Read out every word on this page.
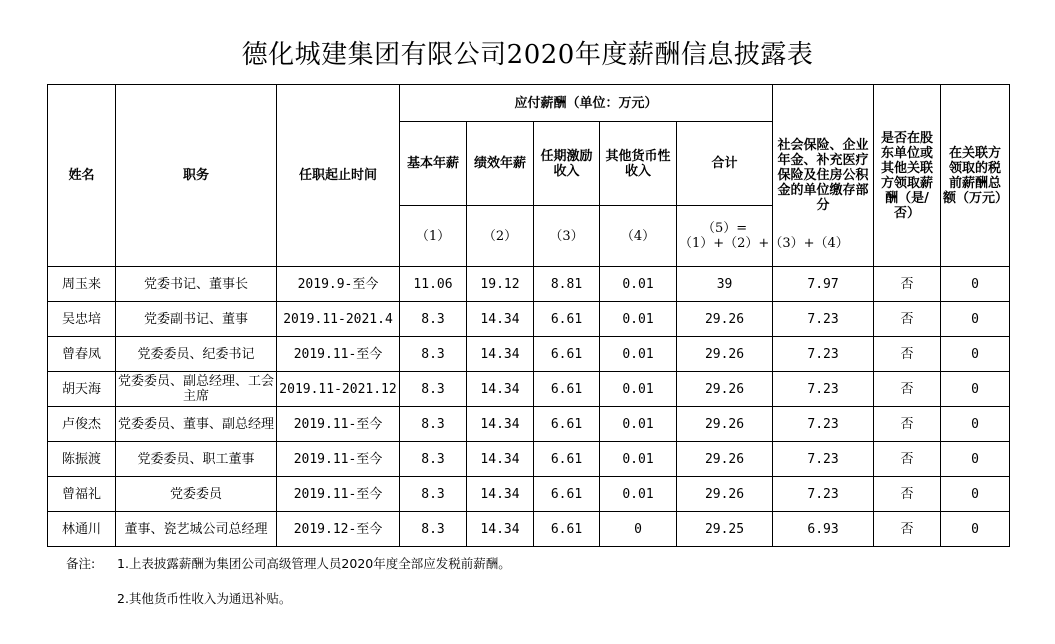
德化城建集团有限公司2020年度薪酬信息披露表
姓名	职务	任职起止时间	应付薪酬（单位：万元）					社会保险、企业年金、补充医疗保险及住房公积金的单位缴存部分	是否在股东单位或其他关联方领取薪酬（是/否）	在关联方领取的税前薪酬总额（万元）
			基本年薪	绩效年薪	任期激励收入	其他货币性收入	合计			
			（1）	（2）	（3）	（4）	（5）=（1）+（2）+（3）+（4）			
周玉来	党委书记、董事长	2019.9-至今	11.06	19.12	8.81	0.01	39	7.97	否	0
吴忠培	党委副书记、董事	2019.11-2021.4	8.3	14.34	6.61	0.01	29.26	7.23	否	0
曾春凤	党委委员、纪委书记	2019.11-至今	8.3	14.34	6.61	0.01	29.26	7.23	否	0
胡天海	党委委员、副总经理、工会主席	2019.11-2021.12	8.3	14.34	6.61	0.01	29.26	7.23	否	0
卢俊杰	党委委员、董事、副总经理	2019.11-至今	8.3	14.34	6.61	0.01	29.26	7.23	否	0
陈振渡	党委委员、职工董事	2019.11-至今	8.3	14.34	6.61	0.01	29.26	7.23	否	0
曾福礼	党委委员	2019.11-至今	8.3	14.34	6.61	0.01	29.26	7.23	否	0
林通川	董事、瓷艺城公司总经理	2019.12-至今	8.3	14.34	6.61	0	29.25	6.93	否	0
备注: 1.上表披露薪酬为集团公司高级管理人员2020年度全部应发税前薪酬。
2.其他货币性收入为通迅补贴。
